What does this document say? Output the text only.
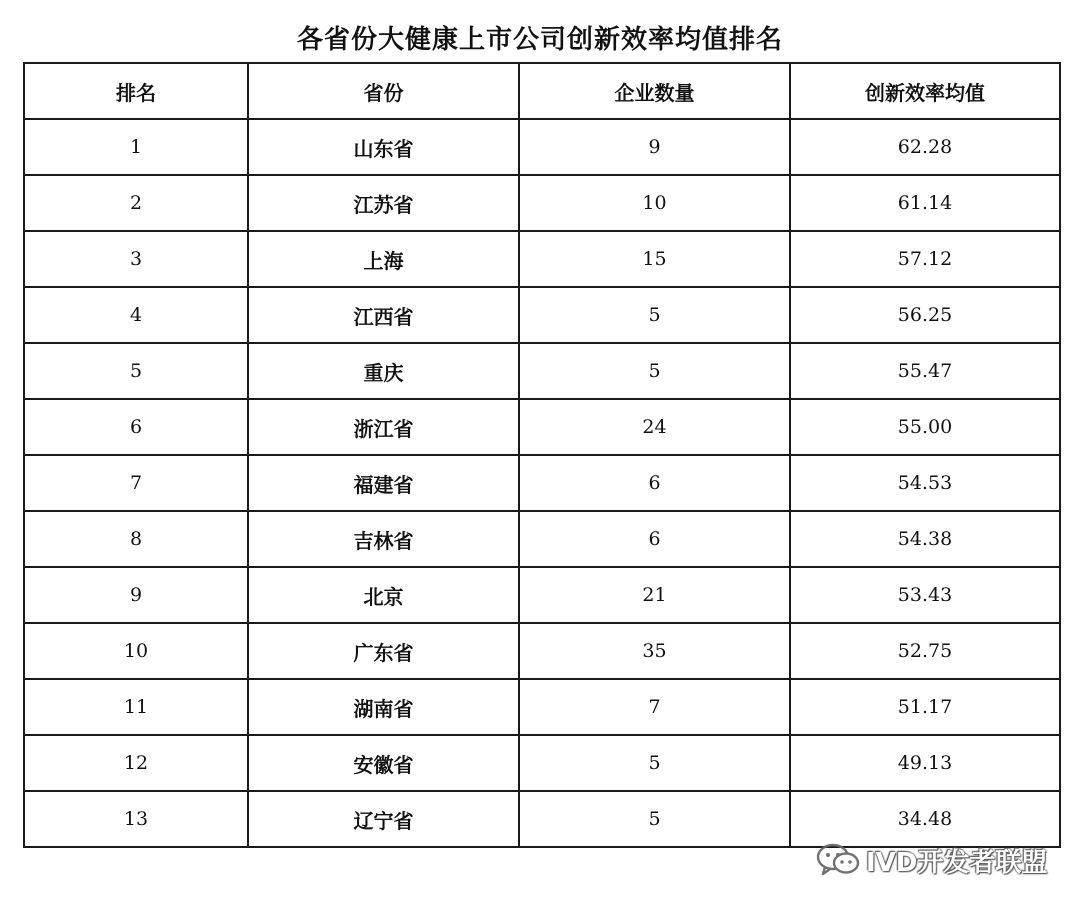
各省份大健康上市公司创新效率均值排名
排名	省份	企业数量	创新效率均值
1	山东省	9	62.28
2	江苏省	10	61.14
3	上海	15	57.12
4	江西省	5	56.25
5	重庆	5	55.47
6	浙江省	24	55.00
7	福建省	6	54.53
8	吉林省	6	54.38
9	北京	21	53.43
10	广东省	35	52.75
11	湖南省	7	51.17
12	安徽省	5	49.13
13	辽宁省	5	34.48
IVD开发者联盟
